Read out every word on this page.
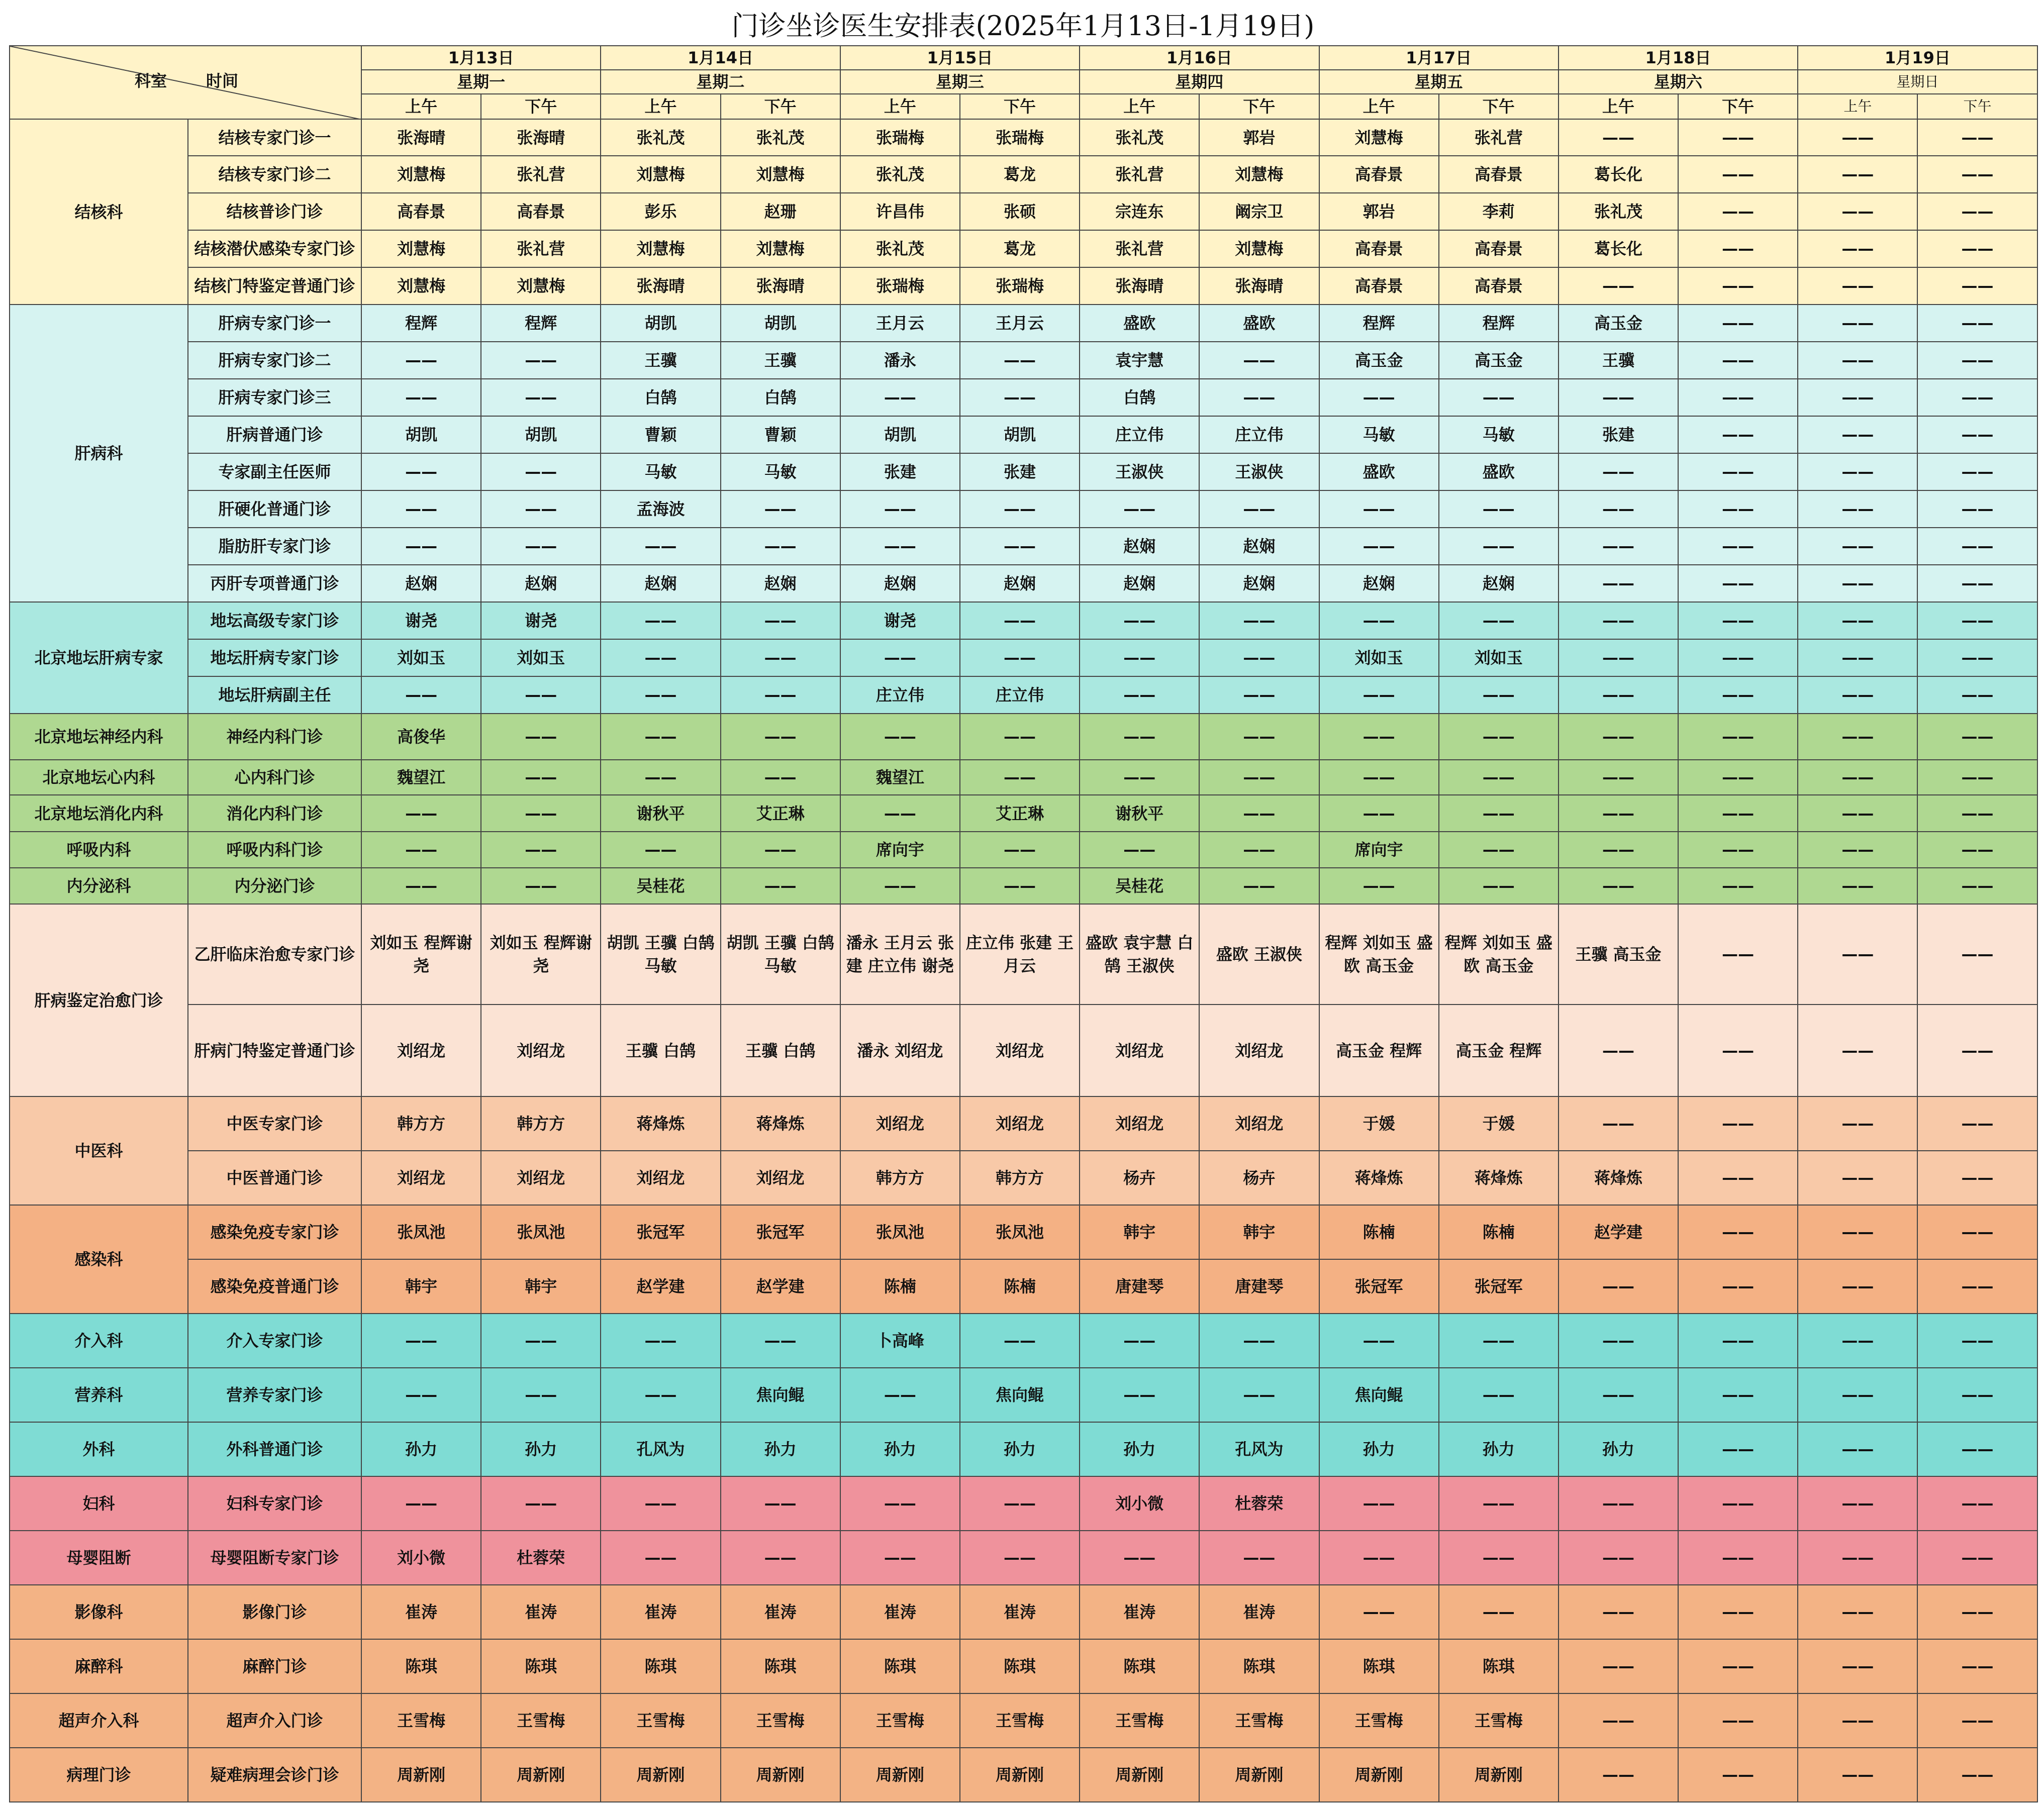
门诊坐诊医生安排表(2025年1月13日-1月19日)
科室 时间		1月13日		1月14日		1月15日		1月16日		1月17日		1月18日		1月19日	
		星期一		星期二		星期三		星期四		星期五		星期六		星期日	
		上午	下午	上午	下午	上午	下午	上午	下午	上午	下午	上午	下午	上午	下午
结核科	结核专家门诊一	张海晴	张海晴	张礼茂	张礼茂	张瑞梅	张瑞梅	张礼茂	郭岩	刘慧梅	张礼营	——	——	——	——
	结核专家门诊二	刘慧梅	张礼营	刘慧梅	刘慧梅	张礼茂	葛龙	张礼营	刘慧梅	高春景	高春景	葛长化	——	——	——
	结核普诊门诊	高春景	高春景	彭乐	赵珊	许昌伟	张硕	宗连东	阚宗卫	郭岩	李莉	张礼茂	——	——	——
	结核潜伏感染专家门诊	刘慧梅	张礼营	刘慧梅	刘慧梅	张礼茂	葛龙	张礼营	刘慧梅	高春景	高春景	葛长化	——	——	——
	结核门特鉴定普通门诊	刘慧梅	刘慧梅	张海晴	张海晴	张瑞梅	张瑞梅	张海晴	张海晴	高春景	高春景	——	——	——	——
肝病科	肝病专家门诊一	程辉	程辉	胡凯	胡凯	王月云	王月云	盛欧	盛欧	程辉	程辉	高玉金	——	——	——
	肝病专家门诊二	——	——	王骥	王骥	潘永	——	袁宇慧	——	高玉金	高玉金	王骥	——	——	——
	肝病专家门诊三	——	——	白鹄	白鹄	——	——	白鹄	——	——	——	——	——	——	——
	肝病普通门诊	胡凯	胡凯	曹颖	曹颖	胡凯	胡凯	庄立伟	庄立伟	马敏	马敏	张建	——	——	——
	专家副主任医师	——	——	马敏	马敏	张建	张建	王淑侠	王淑侠	盛欧	盛欧	——	——	——	——
	肝硬化普通门诊	——	——	孟海波	——	——	——	——	——	——	——	——	——	——	——
	脂肪肝专家门诊	——	——	——	——	——	——	赵娴	赵娴	——	——	——	——	——	——
	丙肝专项普通门诊	赵娴	赵娴	赵娴	赵娴	赵娴	赵娴	赵娴	赵娴	赵娴	赵娴	——	——	——	——
北京地坛肝病专家	地坛高级专家门诊	谢尧	谢尧	——	——	谢尧	——	——	——	——	——	——	——	——	——
	地坛肝病专家门诊	刘如玉	刘如玉	——	——	——	——	——	——	刘如玉	刘如玉	——	——	——	——
	地坛肝病副主任	——	——	——	——	庄立伟	庄立伟	——	——	——	——	——	——	——	——
北京地坛神经内科	神经内科门诊	高俊华	——	——	——	——	——	——	——	——	——	——	——	——	——
北京地坛心内科	心内科门诊	魏望江	——	——	——	魏望江	——	——	——	——	——	——	——	——	——
北京地坛消化内科	消化内科门诊	——	——	谢秋平	艾正琳	——	艾正琳	谢秋平	——	——	——	——	——	——	——
呼吸内科	呼吸内科门诊	——	——	——	——	席向宇	——	——	——	席向宇	——	——	——	——	——
内分泌科	内分泌门诊	——	——	吴桂花	——	——	——	吴桂花	——	——	——	——	——	——	——
肝病鉴定治愈门诊	乙肝临床治愈专家门诊	刘如玉 程辉谢尧	刘如玉 程辉谢尧	胡凯 王骥 白鹄 马敏	胡凯 王骥 白鹄 马敏	潘永 王月云 张建 庄立伟 谢尧	庄立伟 张建 王月云	盛欧 袁宇慧 白鹄 王淑侠	盛欧 王淑侠	程辉 刘如玉 盛欧 高玉金	程辉 刘如玉 盛欧 高玉金	王骥 高玉金	——	——	——
	肝病门特鉴定普通门诊	刘绍龙	刘绍龙	王骥 白鹄	王骥 白鹄	潘永 刘绍龙	刘绍龙	刘绍龙	刘绍龙	高玉金 程辉	高玉金 程辉	——	——	——	——
中医科	中医专家门诊	韩方方	韩方方	蒋烽炼	蒋烽炼	刘绍龙	刘绍龙	刘绍龙	刘绍龙	于媛	于媛	——	——	——	——
	中医普通门诊	刘绍龙	刘绍龙	刘绍龙	刘绍龙	韩方方	韩方方	杨卉	杨卉	蒋烽炼	蒋烽炼	蒋烽炼	——	——	——
感染科	感染免疫专家门诊	张凤池	张凤池	张冠军	张冠军	张凤池	张凤池	韩宇	韩宇	陈楠	陈楠	赵学建	——	——	——
	感染免疫普通门诊	韩宇	韩宇	赵学建	赵学建	陈楠	陈楠	唐建琴	唐建琴	张冠军	张冠军	——	——	——	——
介入科	介入专家门诊	——	——	——	——	卜高峰	——	——	——	——	——	——	——	——	——
营养科	营养专家门诊	——	——	——	焦向鲲	——	焦向鲲	——	——	焦向鲲	——	——	——	——	——
外科	外科普通门诊	孙力	孙力	孔风为	孙力	孙力	孙力	孙力	孔风为	孙力	孙力	孙力	——	——	——
妇科	妇科专家门诊	——	——	——	——	——	——	刘小微	杜蓉荣	——	——	——	——	——	——
母婴阻断	母婴阻断专家门诊	刘小微	杜蓉荣	——	——	——	——	——	——	——	——	——	——	——	——
影像科	影像门诊	崔涛	崔涛	崔涛	崔涛	崔涛	崔涛	崔涛	崔涛	——	——	——	——	——	——
麻醉科	麻醉门诊	陈琪	陈琪	陈琪	陈琪	陈琪	陈琪	陈琪	陈琪	陈琪	陈琪	——	——	——	——
超声介入科	超声介入门诊	王雪梅	王雪梅	王雪梅	王雪梅	王雪梅	王雪梅	王雪梅	王雪梅	王雪梅	王雪梅	——	——	——	——
病理门诊	疑难病理会诊门诊	周新刚	周新刚	周新刚	周新刚	周新刚	周新刚	周新刚	周新刚	周新刚	周新刚	——	——	——	——
